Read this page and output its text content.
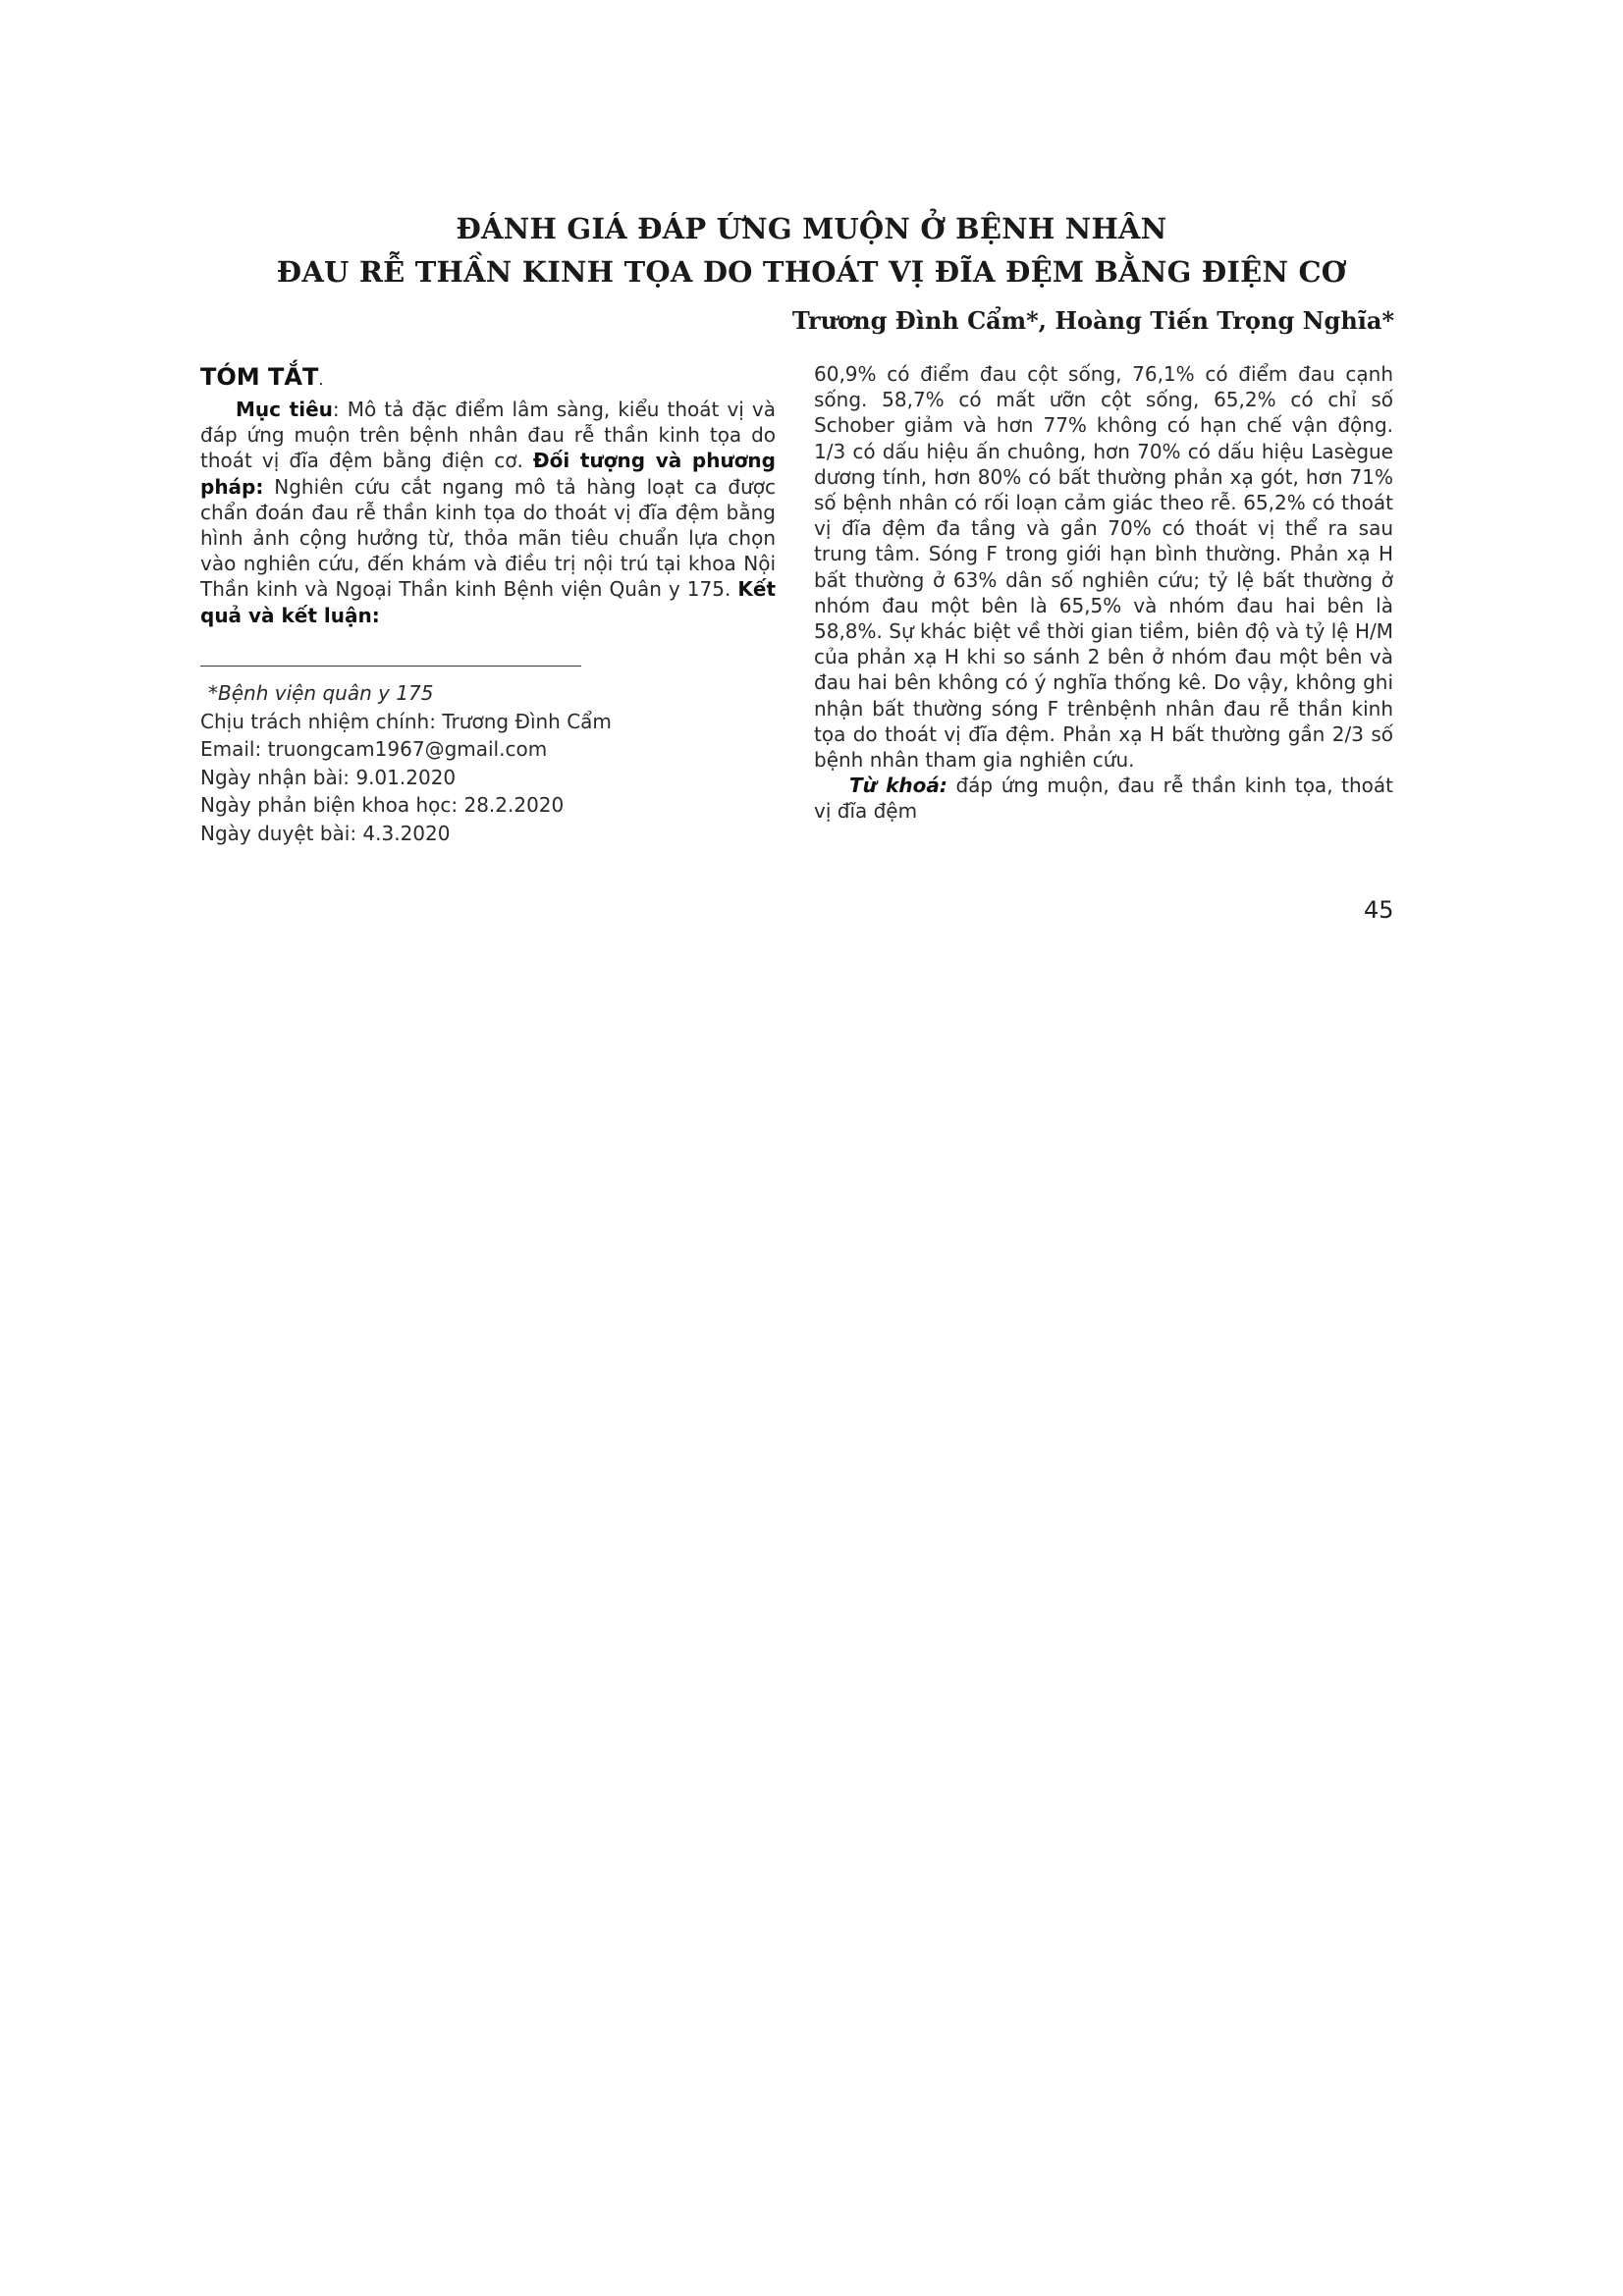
ĐÁNH GIÁ ĐÁP ỨNG MUỘN Ở BỆNH NHÂN
ĐAU RỄ THẦN KINH TỌA DO THOÁT VỊ ĐĨA ĐỆM BẰNG ĐIỆN CƠ
Trương Đình Cẩm*, Hoàng Tiến Trọng Nghĩa*
TÓM TẮT.

Mục tiêu: Mô tả đặc điểm lâm sàng, kiểu thoát vị và đáp ứng muộn trên bệnh nhân đau rễ thần kinh tọa do thoát vị đĩa đệm bằng điện cơ. Đối tượng và phương pháp: Nghiên cứu cắt ngang mô tả hàng loạt ca được chẩn đoán đau rễ thần kinh tọa do thoát vị đĩa đệm bằng hình ảnh cộng hưởng từ, thỏa mãn tiêu chuẩn lựa chọn vào nghiên cứu, đến khám và điều trị nội trú tại khoa Nội Thần kinh và Ngoại Thần kinh Bệnh viện Quân y 175. Kết quả và kết luận:

*Bệnh viện quân y 175
Chịu trách nhiệm chính: Trương Đình Cẩm
Email: truongcam1967@gmail.com
Ngày nhận bài: 9.01.2020
Ngày phản biện khoa học: 28.2.2020
Ngày duyệt bài: 4.3.2020

60,9% có điểm đau cột sống, 76,1% có điểm đau cạnh sống. 58,7% có mất ưỡn cột sống, 65,2% có chỉ số Schober giảm và hơn 77% không có hạn chế vận động. 1/3 có dấu hiệu ấn chuông, hơn 70% có dấu hiệu Lasègue dương tính, hơn 80% có bất thường phản xạ gót, hơn 71% số bệnh nhân có rối loạn cảm giác theo rễ. 65,2% có thoát vị đĩa đệm đa tầng và gần 70% có thoát vị thể ra sau trung tâm. Sóng F trong giới hạn bình thường. Phản xạ H bất thường ở 63% dân số nghiên cứu; tỷ lệ bất thường ở nhóm đau một bên là 65,5% và nhóm đau hai bên là 58,8%. Sự khác biệt về thời gian tiềm, biên độ và tỷ lệ H/M của phản xạ H khi so sánh 2 bên ở nhóm đau một bên và đau hai bên không có ý nghĩa thống kê. Do vậy, không ghi nhận bất thường sóng F trênbệnh nhân đau rễ thần kinh tọa do thoát vị đĩa đệm. Phản xạ H bất thường gần 2/3 số bệnh nhân tham gia nghiên cứu.

Từ khoá: đáp ứng muộn, đau rễ thần kinh tọa, thoát vị đĩa đệm

45
